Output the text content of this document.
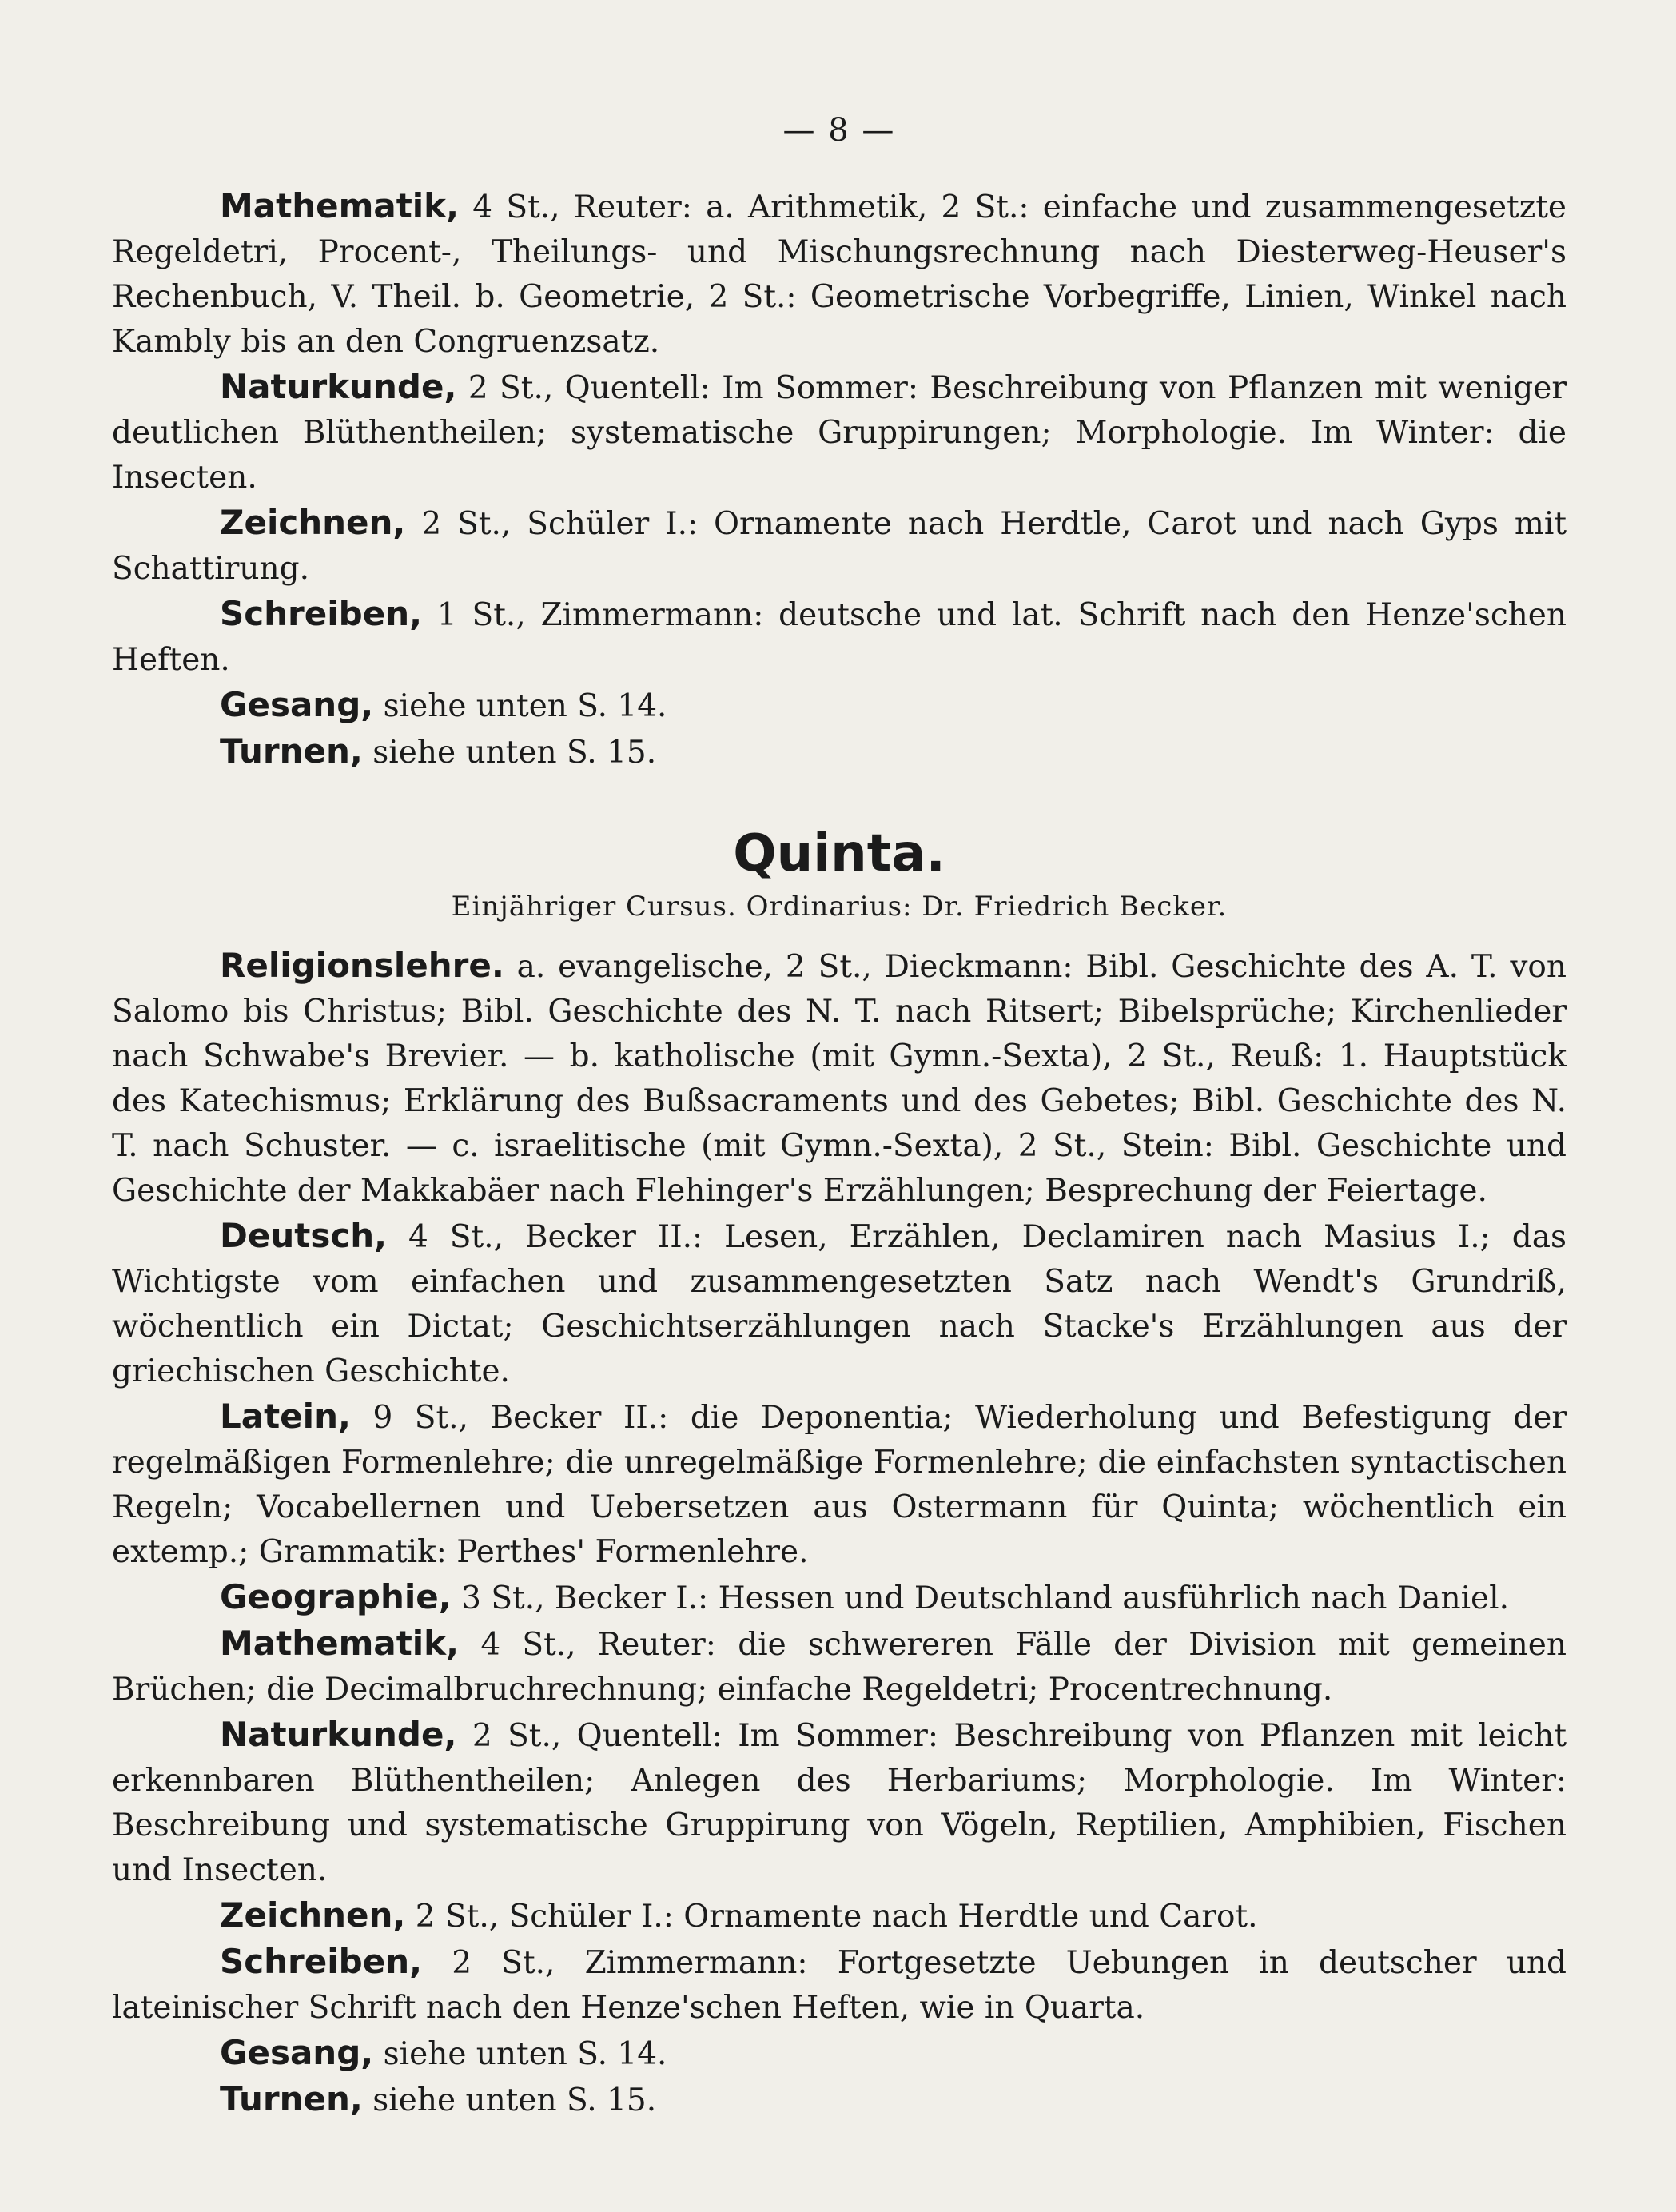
— 8 —

Mathematik, 4 St., Reuter: a. Arithmetik, 2 St.: einfache und zusammengesetzte Regeldetri, Procent-, Theilungs- und Mischungsrechnung nach Diesterweg-Heuser's Rechenbuch, V. Theil. b. Geometrie, 2 St.: Geometrische Vorbegriffe, Linien, Winkel nach Kambly bis an den Congruenzsatz.

Naturkunde, 2 St., Quentell: Im Sommer: Beschreibung von Pflanzen mit weniger deutlichen Blüthentheilen; systematische Gruppirungen; Morphologie. Im Winter: die Insecten.

Zeichnen, 2 St., Schüler I.: Ornamente nach Herdtle, Carot und nach Gyps mit Schattirung.

Schreiben, 1 St., Zimmermann: deutsche und lat. Schrift nach den Henze'schen Heften.

Gesang, siehe unten S. 14.

Turnen, siehe unten S. 15.

Quinta.
Einjähriger Cursus. Ordinarius: Dr. Friedrich Becker.

Religionslehre. a. evangelische, 2 St., Dieckmann: Bibl. Geschichte des A. T. von Salomo bis Christus; Bibl. Geschichte des N. T. nach Ritsert; Bibelsprüche; Kirchenlieder nach Schwabe's Brevier. — b. katholische (mit Gymn.-Sexta), 2 St., Reuß: 1. Hauptstück des Katechismus; Erklärung des Bußsacraments und des Gebetes; Bibl. Geschichte des N. T. nach Schuster. — c. israelitische (mit Gymn.-Sexta), 2 St., Stein: Bibl. Geschichte und Geschichte der Makkabäer nach Flehinger's Erzählungen; Besprechung der Feiertage.

Deutsch, 4 St., Becker II.: Lesen, Erzählen, Declamiren nach Masius I.; das Wichtigste vom einfachen und zusammengesetzten Satz nach Wendt's Grundriß, wöchentlich ein Dictat; Geschichtserzählungen nach Stacke's Erzählungen aus der griechischen Geschichte.

Latein, 9 St., Becker II.: die Deponentia; Wiederholung und Befestigung der regelmäßigen Formenlehre; die unregelmäßige Formenlehre; die einfachsten syntactischen Regeln; Vocabellernen und Uebersetzen aus Ostermann für Quinta; wöchentlich ein extemp.; Grammatik: Perthes' Formenlehre.

Geographie, 3 St., Becker I.: Hessen und Deutschland ausführlich nach Daniel.

Mathematik, 4 St., Reuter: die schwereren Fälle der Division mit gemeinen Brüchen; die Decimalbruchrechnung; einfache Regeldetri; Procentrechnung.

Naturkunde, 2 St., Quentell: Im Sommer: Beschreibung von Pflanzen mit leicht erkennbaren Blüthentheilen; Anlegen des Herbariums; Morphologie. Im Winter: Beschreibung und systematische Gruppirung von Vögeln, Reptilien, Amphibien, Fischen und Insecten.

Zeichnen, 2 St., Schüler I.: Ornamente nach Herdtle und Carot.

Schreiben, 2 St., Zimmermann: Fortgesetzte Uebungen in deutscher und lateinischer Schrift nach den Henze'schen Heften, wie in Quarta.

Gesang, siehe unten S. 14.

Turnen, siehe unten S. 15.
